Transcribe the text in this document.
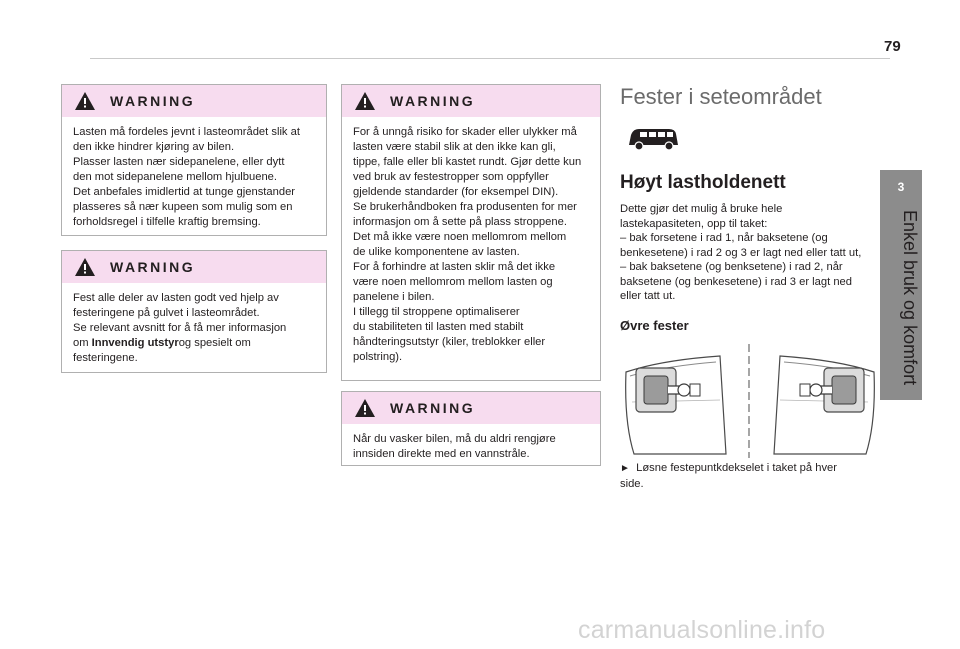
79
3
Enkel bruk og komfort
WARNING

Lasten må fordeles jevnt i lasteområdet slik at

den ikke hindrer kjøring av bilen.

Plasser lasten nær sidepanelene, eller dytt

den mot sidepanelene mellom hjulbuene.

Det anbefales imidlertid at tunge gjenstander

plasseres så nær kupeen som mulig som en

forholdsregel i tilfelle kraftig bremsing.

WARNING

Fest alle deler av lasten godt ved hjelp av

festeringene på gulvet i lasteområdet.

Se relevant avsnitt for å få mer informasjon

om Innvendig utstyrog spesielt om

festeringene.

WARNING

For å unngå risiko for skader eller ulykker må

lasten være stabil slik at den ikke kan gli,

tippe, falle eller bli kastet rundt. Gjør dette kun

ved bruk av festestropper som oppfyller

gjeldende standarder (for eksempel DIN).

Se brukerhåndboken fra produsenten for mer

informasjon om å sette på plass stroppene.

Det må ikke være noen mellomrom mellom

de ulike komponentene av lasten.

For å forhindre at lasten sklir må det ikke

være noen mellomrom mellom lasten og

panelene i bilen.

I tillegg til stroppene optimaliserer

du stabiliteten til lasten med stabilt

håndteringsutstyr (kiler, treblokker eller

polstring).

WARNING

Når du vasker bilen, må du aldri rengjøre

innsiden direkte med en vannstråle.

Fester i seteområdet
Høyt lastholdenett

Dette gjør det mulig å bruke hele

lastekapasiteten, opp til taket:

– bak forsetene i rad 1, når baksetene (og

benkesetene) i rad 2 og 3 er lagt ned eller tatt ut,

– bak baksetene (og benksetene) i rad 2, når

baksetene (og benkesetene) i rad 3 er lagt ned

eller tatt ut.

Øvre fester
► Løsne festepuntkdekselet i taket på hver
side.
carmanualsonline.info
